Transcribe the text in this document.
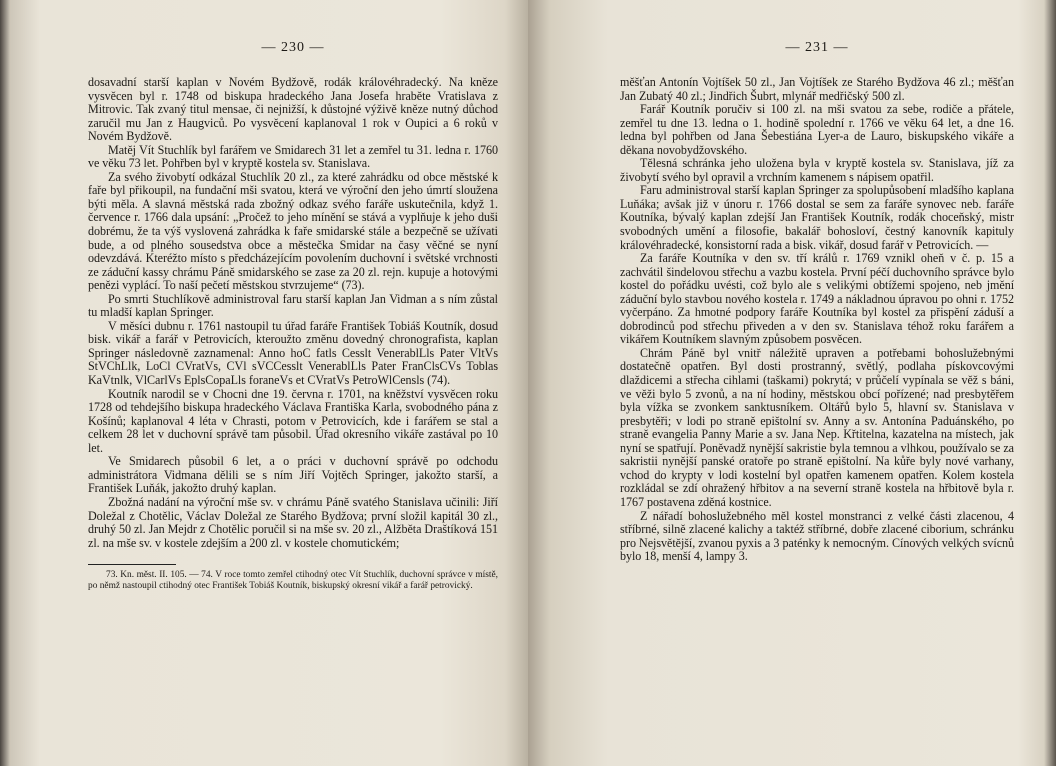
— 230 —

dosavadní starší kaplan v Novém Bydžově, rodák královéhradecký. Na kněze vysvěcen byl r. 1748 od biskupa hradeckého Jana Josefa hraběte Vratislava z Mitrovic. Tak zvaný titul mensae, či nejnižší, k důstojné výživě kněze nutný důchod zaručil mu Jan z Haugviců. Po vysvěcení kaplanoval 1 rok v Oupici a 6 roků v Novém Bydžově.

Matěj Vít Stuchlík byl farářem ve Smidarech 31 let a zemřel tu 31. ledna r. 1760 ve věku 73 let. Pohřben byl v kryptě kostela sv. Stanislava.

Za svého živobytí odkázal Stuchlík 20 zl., za které zahrádku od obce městské k faře byl přikoupil, na fundační mši svatou, která ve výroční den jeho úmrtí sloužena býti měla. A slavná městská rada zbožný odkaz svého faráře uskutečnila, když 1. července r. 1766 dala upsání: „Pročež to jeho mínění se stává a vyplňuje k jeho duši dobrému, že ta výš vyslovená zahrádka k faře smidarské stále a bezpečně se užívati bude, a od plného sousedstva obce a městečka Smidar na časy věčné se nyní odevzdává. Kteréžto místo s předcházejícím povolením duchovní i světské vrchnosti ze záduční kassy chrámu Páně smidarského se zase za 20 zl. rejn. kupuje a hotovými penězi vyplácí. To naší pečetí městskou stvrzujeme“ (73).

Po smrti Stuchlíkově administroval faru starší kaplan Jan Vidman a s ním zůstal tu mladší kaplan Springer.

V měsíci dubnu r. 1761 nastoupil tu úřad faráře František Tobiáš Koutník, dosud bisk. vikář a farář v Petrovicích, kteroužto změnu dovedný chronografista, kaplan Springer následovně zaznamenal: Anno hoC fatls Cesslt VenerablLls Pater VltVs StVChLlk, LoCl CVratVs, CVl sVCCesslt VenerablLls Pater FranClsCVs Toblas KaVtnlk, VlCarlVs EplsCopaLls foraneVs et CVratVs PetroWlCensls (74).

Koutník narodil se v Chocni dne 19. června r. 1701, na kněžství vysvěcen roku 1728 od tehdejšího biskupa hradeckého Václava Františka Karla, svobodného pána z Košínů; kaplanoval 4 léta v Chrasti, potom v Petrovicích, kde i farářem se stal a celkem 28 let v duchovní správě tam působil. Úřad okresního vikáře zastával po 10 let.

Ve Smidarech působil 6 let, a o práci v duchovní správě po odchodu administrátora Vidmana dělili se s ním Jiří Vojtěch Springer, jakožto starší, a František Luňák, jakožto druhý kaplan.

Zbožná nadání na výroční mše sv. v chrámu Páně svatého Stanislava učinili: Jiří Doležal z Chotělic, Václav Doležal ze Starého Bydžova; první složil kapitál 30 zl., druhý 50 zl. Jan Mejdr z Chotělic poručil si na mše sv. 20 zl., Alžběta Draštíková 151 zl. na mše sv. v kostele zdejším a 200 zl. v kostele chomutickém;

73. Kn. měst. II. 105. — 74. V roce tomto zemřel ctihodný otec Vít Stuchlík, duchovní správce v místě, po němž nastoupil ctihodný otec František Tobiáš Koutník, biskupský okresní vikář a farář petrovický.

— 231 —

měšťan Antonín Vojtíšek 50 zl., Jan Vojtíšek ze Starého Bydžova 46 zl.; měšťan Jan Zubatý 40 zl.; Jindřich Šubrt, mlynář medřičský 500 zl.

Farář Koutník poručiv si 100 zl. na mši svatou za sebe, rodiče a přátele, zemřel tu dne 13. ledna o 1. hodině spolední r. 1766 ve věku 64 let, a dne 16. ledna byl pohřben od Jana Šebestiána Lyer-a de Lauro, biskupského vikáře a děkana novobydžovského.

Tělesná schránka jeho uložena byla v kryptě kostela sv. Stanislava, jíž za živobytí svého byl opravil a vrchním kamenem s nápisem opatřil.

Faru administroval starší kaplan Springer za spolupůsobení mladšího kaplana Luňáka; avšak již v únoru r. 1766 dostal se sem za faráře synovec neb. faráře Koutníka, bývalý kaplan zdejší Jan František Koutník, rodák choceňský, mistr svobodných umění a filosofie, bakalář bohosloví, čestný kanovník kapituly královéhradecké, konsistorní rada a bisk. vikář, dosud farář v Petrovicích. —

Za faráře Koutníka v den sv. tří králů r. 1769 vznikl oheň v č. p. 15 a zachvátil šindelovou střechu a vazbu kostela. První péčí duchovního správce bylo kostel do pořádku uvésti, což bylo ale s velikými obtížemi spojeno, neb jmění záduční bylo stavbou nového kostela r. 1749 a nákladnou úpravou po ohni r. 1752 vyčerpáno. Za hmotné podpory faráře Koutníka byl kostel za přispění záduší a dobrodinců pod střechu přiveden a v den sv. Stanislava téhož roku farářem a vikářem Koutníkem slavným způsobem posvěcen.

Chrám Páně byl vnitř náležitě upraven a potřebami bohoslužebnými dostatečně opatřen. Byl dosti prostranný, světlý, podlaha pískovcovými dlaždicemi a střecha cihlami (taškami) pokrytá; v průčelí vypínala se věž s báni, ve věži bylo 5 zvonů, a na ní hodiny, městskou obcí pořízené; nad presbytěřem byla vížka se zvonkem sanktusníkem. Oltářů bylo 5, hlavní sv. Stanislava v presbytěři; v lodi po straně epištolní sv. Anny a sv. Antonína Paduánského, po straně evangelia Panny Marie a sv. Jana Nep. Křtitelna, kazatelna na místech, jak nyní se spatřují. Poněvadž nynější sakristie byla temnou a vlhkou, používalo se za sakristii nynější panské oratoře po straně epištolní. Na kůře byly nové varhany, vchod do krypty v lodi kostelní byl opatřen kamenem opatřen. Kolem kostela rozkládal se zdí ohražený hřbitov a na severní straně kostela na hřbitově byla r. 1767 postavena zděná kostnice.

Z nářadí bohoslužebného měl kostel monstranci z velké části zlacenou, 4 stříbrné, silně zlacené kalichy a taktéž stříbrné, dobře zlacené ciborium, schránku pro Nejsvětější, zvanou pyxis a 3 paténky k nemocným. Cínových velkých svícnů bylo 18, menší 4, lampy 3.
